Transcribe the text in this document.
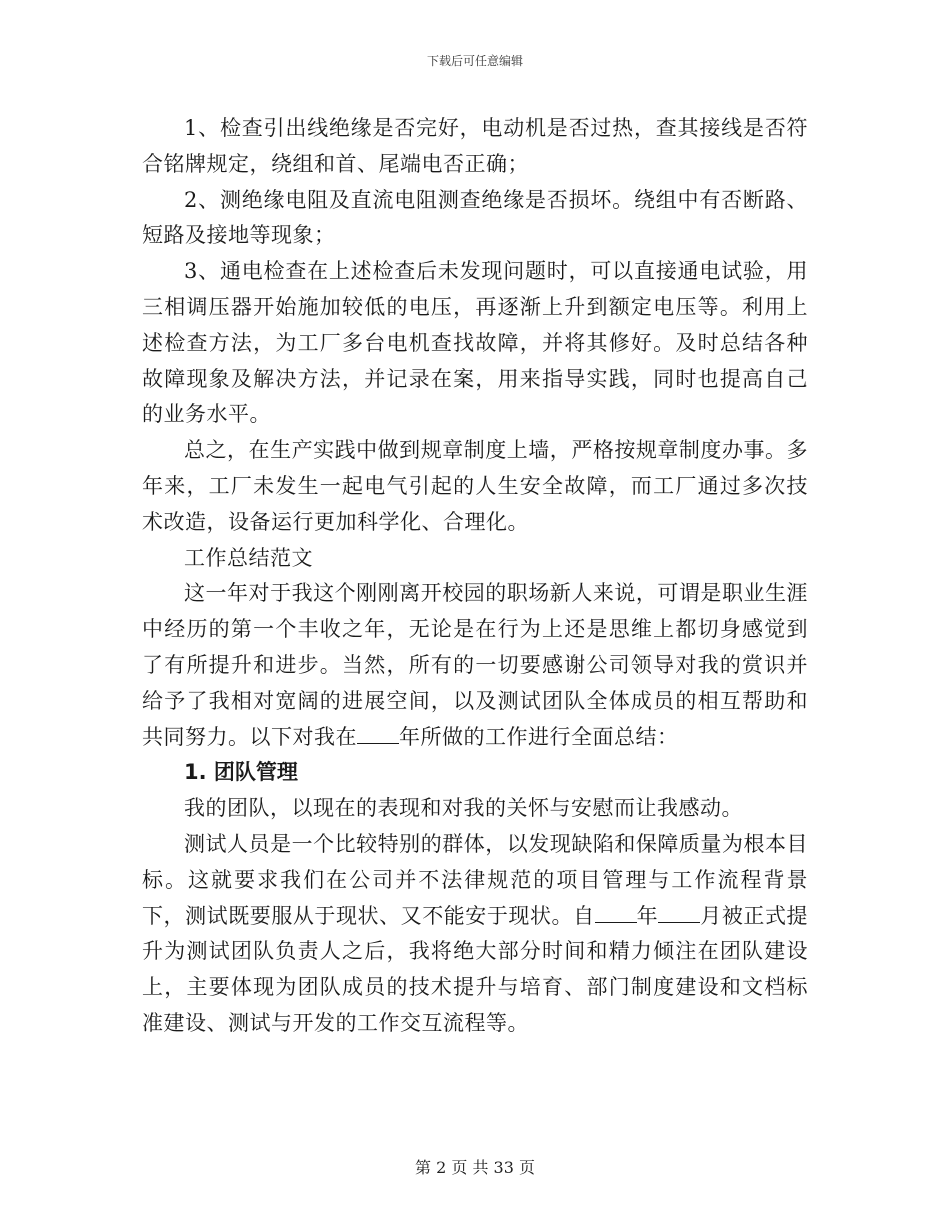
下载后可任意编辑

1、检查引出线绝缘是否完好，电动机是否过热，查其接线是否符合铭牌规定，绕组和首、尾端电否正确；

2、测绝缘电阻及直流电阻测查绝缘是否损坏。绕组中有否断路、短路及接地等现象；

3、通电检查在上述检查后未发现问题时，可以直接通电试验，用三相调压器开始施加较低的电压，再逐渐上升到额定电压等。利用上述检查方法，为工厂多台电机查找故障，并将其修好。及时总结各种故障现象及解决方法，并记录在案，用来指导实践，同时也提高自己的业务水平。

总之，在生产实践中做到规章制度上墙，严格按规章制度办事。多年来，工厂未发生一起电气引起的人生安全故障，而工厂通过多次技术改造，设备运行更加科学化、合理化。

工作总结范文

这一年对于我这个刚刚离开校园的职场新人来说，可谓是职业生涯中经历的第一个丰收之年，无论是在行为上还是思维上都切身感觉到了有所提升和进步。当然，所有的一切要感谢公司领导对我的赏识并给予了我相对宽阔的进展空间，以及测试团队全体成员的相互帮助和共同努力。以下对我在 年所做的工作进行全面总结：

1. 团队管理

我的团队，以现在的表现和对我的关怀与安慰而让我感动。

测试人员是一个比较特别的群体，以发现缺陷和保障质量为根本目标。这就要求我们在公司并不法律规范的项目管理与工作流程背景下，测试既要服从于现状、又不能安于现状。自 年 月被正式提升为测试团队负责人之后，我将绝大部分时间和精力倾注在团队建设上，主要体现为团队成员的技术提升与培育、部门制度建设和文档标准建设、测试与开发的工作交互流程等。

第 2 页 共 33 页
